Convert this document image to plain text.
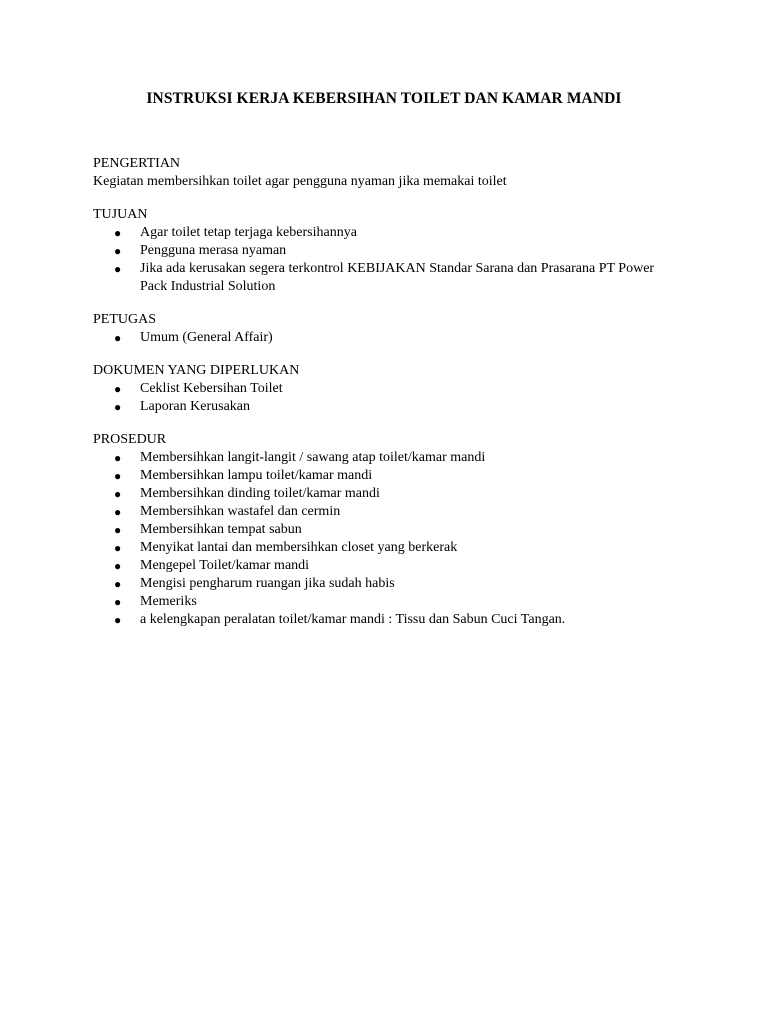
INSTRUKSI KERJA KEBERSIHAN TOILET DAN KAMAR MANDI
PENGERTIAN
Kegiatan membersihkan toilet agar pengguna nyaman jika memakai toilet
TUJUAN
● Agar toilet tetap terjaga kebersihannya
● Pengguna merasa nyaman
● Jika ada kerusakan segera terkontrol KEBIJAKAN Standar Sarana dan Prasarana PT Power Pack Industrial Solution
PETUGAS
● Umum (General Affair)
DOKUMEN YANG DIPERLUKAN
● Ceklist Kebersihan Toilet
● Laporan Kerusakan
PROSEDUR
● Membersihkan langit-langit / sawang atap toilet/kamar mandi
● Membersihkan lampu toilet/kamar mandi
● Membersihkan dinding toilet/kamar mandi
● Membersihkan wastafel dan cermin
● Membersihkan tempat sabun
● Menyikat lantai dan membersihkan closet yang berkerak
● Mengepel Toilet/kamar mandi
● Mengisi pengharum ruangan jika sudah habis
● Memeriks
● a kelengkapan peralatan toilet/kamar mandi : Tissu dan Sabun Cuci Tangan.
